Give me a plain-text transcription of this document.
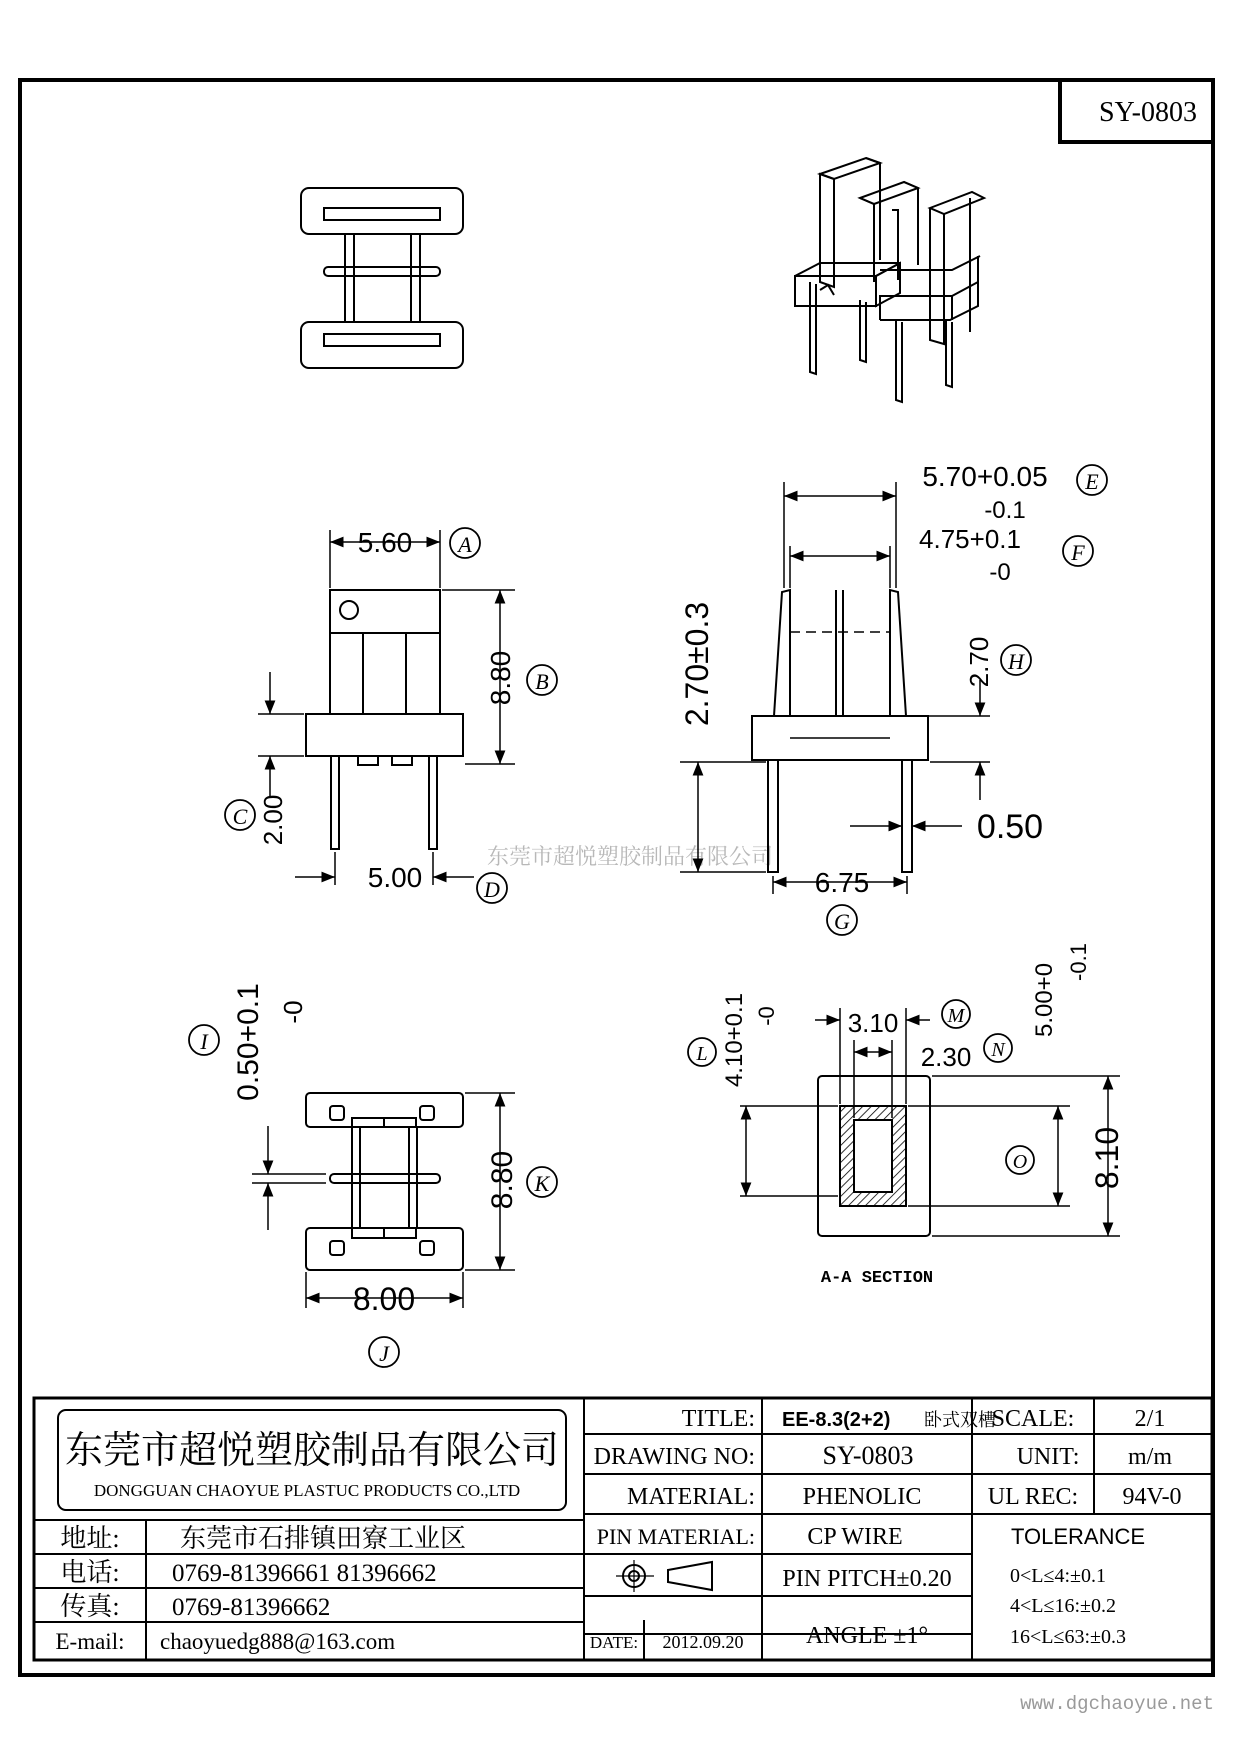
SY-0803
5.60 A
8.80 B
2.00
C
5.00	D
东莞市超悦塑胶制品有限公司
5.70+0.05
-0.1
E
4.75+0.1
-0
F
2.70 H
2.70±0.3
0.50
6.75
G
0.50+0.1 -0
I
8.80 K
8.00
J
3.10 M
2.30 N
4.10+0.1 -0
L
5.00+0
-0.1
O 8.10
A-A SECTION
东莞市超悦塑胶制品有限公司
DONGGUAN CHAOYUE PLASTUC PRODUCTS CO.,LTD
地址: 东莞市石排镇田寮工业区
电话: 0769-81396661 81396662
传真: 0769-81396662
E-mail: chaoyuedg888@163.com
TITLE: EE-8.3(2+2) 卧式双槽
DRAWING NO:	SY-0803
MATERIAL: PHENOLIC
PIN MATERIAL: CP WIRE
PIN PITCH±0.20
DATE: 2012.09.20	ANGLE ±1°
SCALE:	2/1
UNIT: m/m
UL REC: 94V-0
TOLERANCE
0<L≤4:±0.1
4<L≤16:±0.2
16<L≤63:±0.3
www.dgchaoyue.net
